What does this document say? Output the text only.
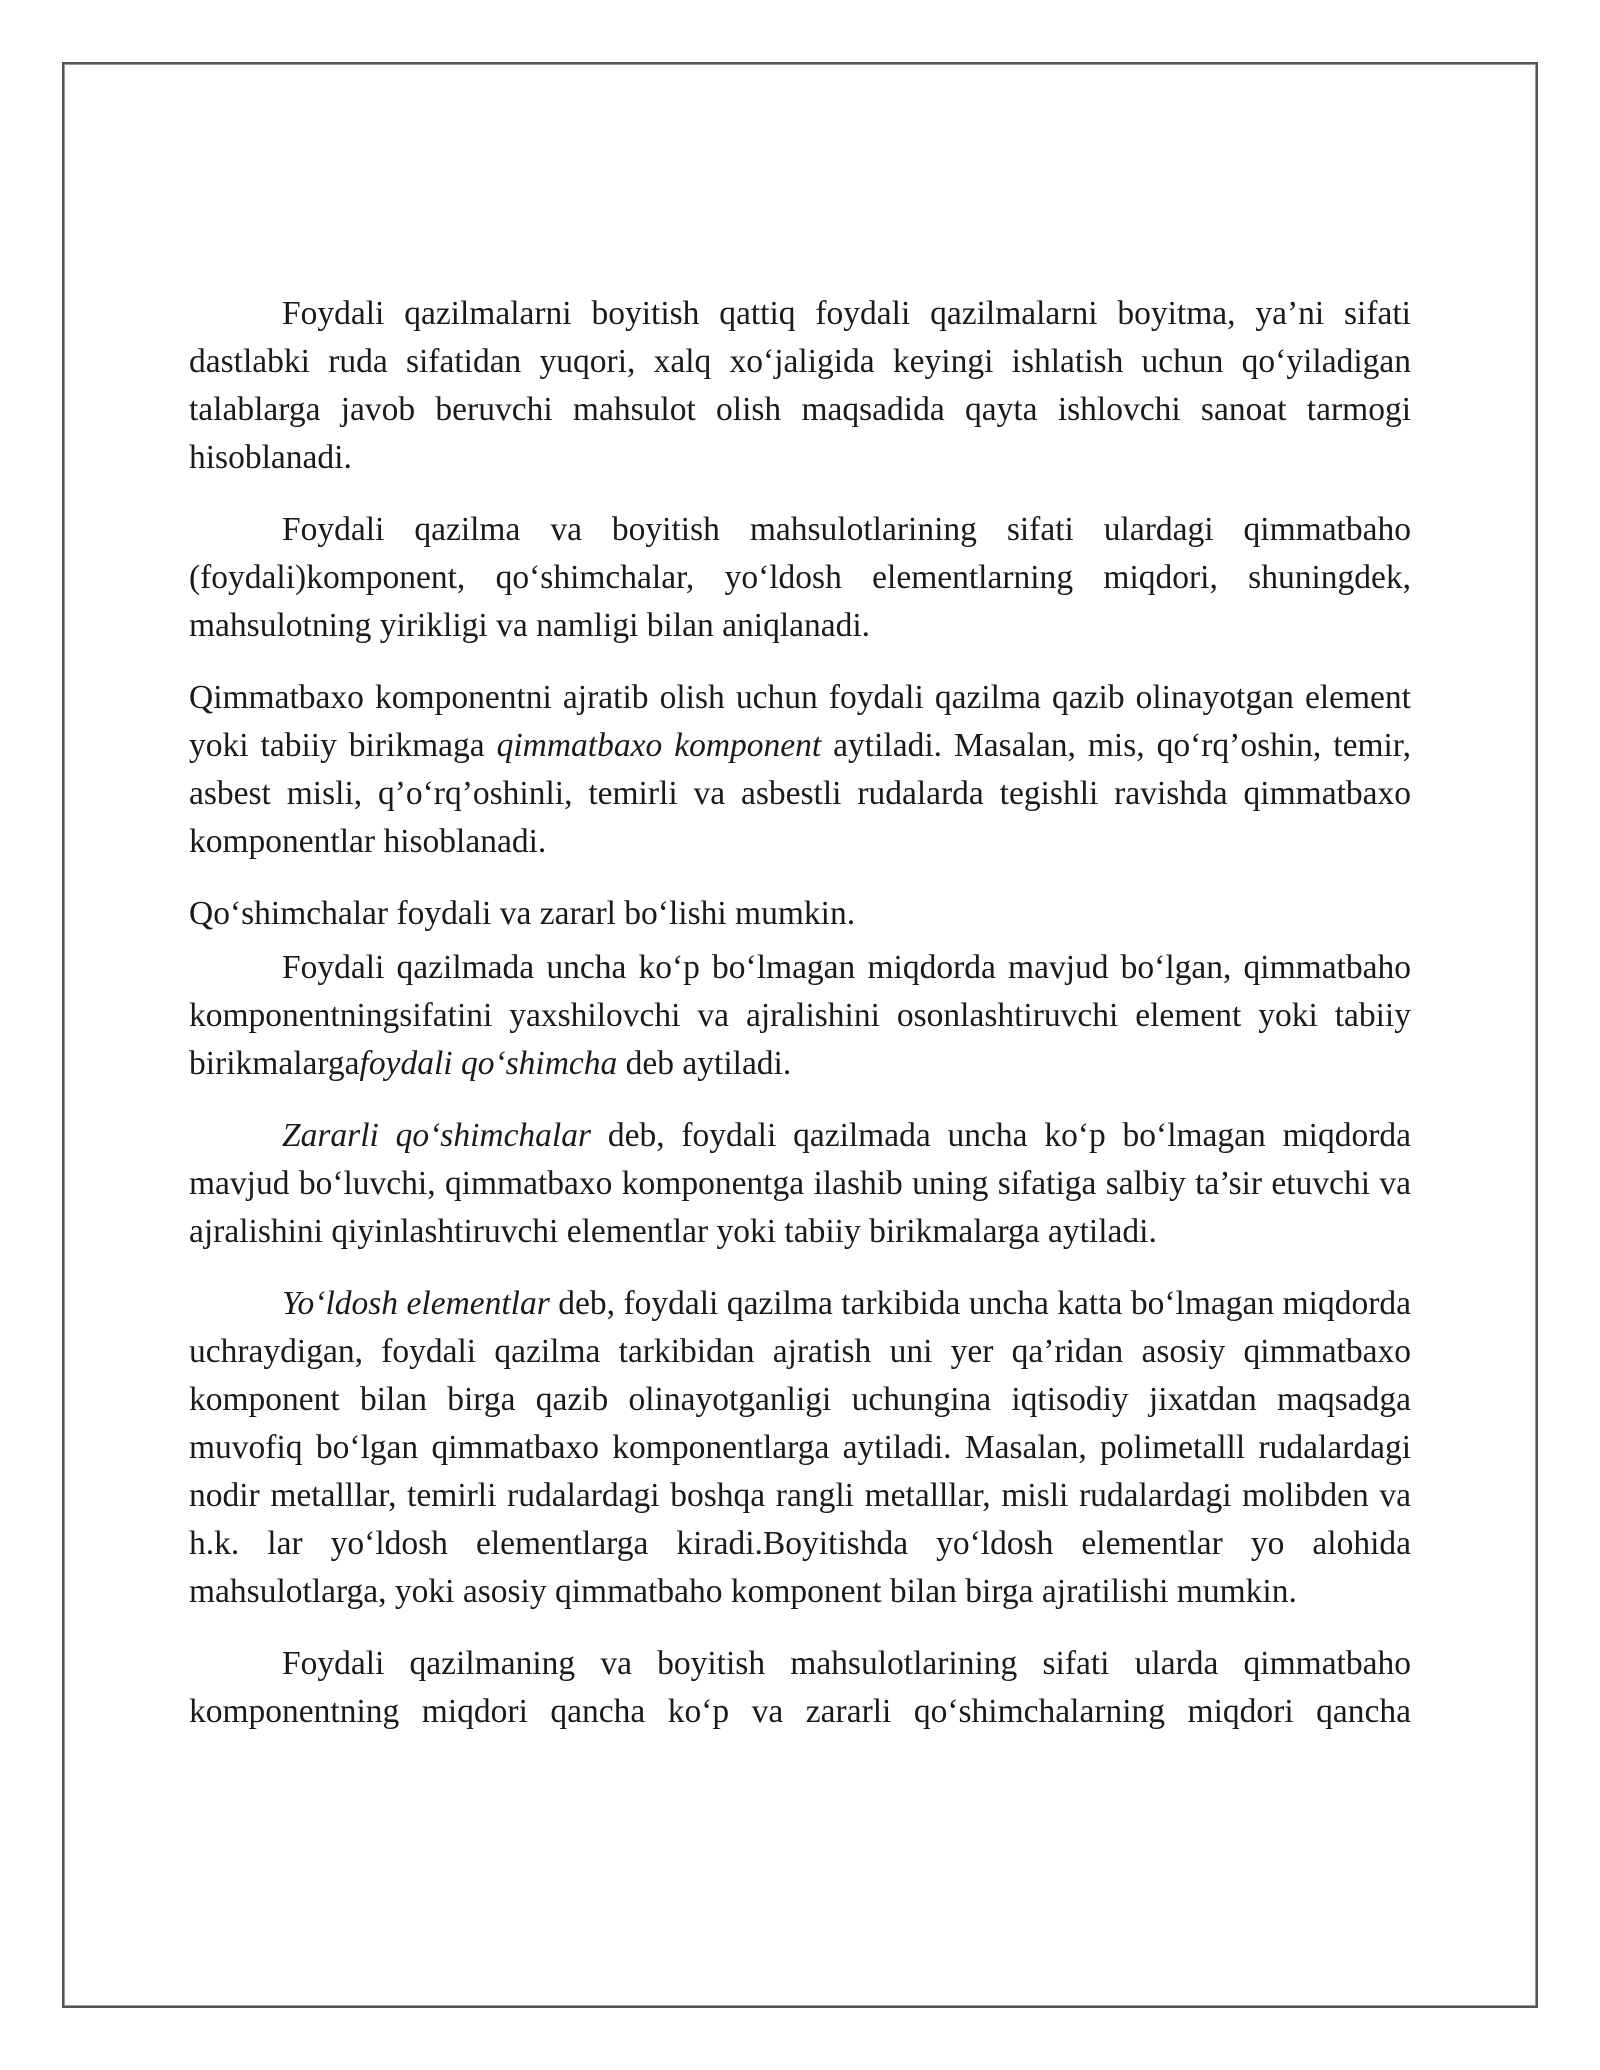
Foydali qazilmalarni boyitish qattiq foydali qazilmalarni boyitma, ya’ni sifati dastlabki ruda sifatidan yuqori, xalq xo‘jaligida keyingi ishlatish uchun qo‘yiladigan talablarga javob beruvchi mahsulot olish maqsadida qayta ishlovchi sanoat tarmogi hisoblanadi.

Foydali qazilma va boyitish mahsulotlarining sifati ulardagi qimmatbaho (foydali)komponent, qo‘shimchalar, yo‘ldosh elementlarning miqdori, shuningdek, mahsulotning yirikligi va namligi bilan aniqlanadi.

Qimmatbaxo komponentni ajratib olish uchun foydali qazilma qazib olinayotgan element yoki tabiiy birikmaga qimmatbaxo komponent aytiladi. Masalan, mis, qo‘rq’oshin, temir, asbest misli, q’o‘rq’oshinli, temirli va asbestli rudalarda tegishli ravishda qimmatbaxo komponentlar hisoblanadi.

Qo‘shimchalar foydali va zararl bo‘lishi mumkin.

Foydali qazilmada uncha ko‘p bo‘lmagan miqdorda mavjud bo‘lgan, qimmatbaho komponentningsifatini yaxshilovchi va ajralishini osonlashtiruvchi element yoki tabiiy birikmalargafoydali qo‘shimcha deb aytiladi.

Zararli qo‘shimchalar deb, foydali qazilmada uncha ko‘p bo‘lmagan miqdorda mavjud bo‘luvchi, qimmatbaxo komponentga ilashib uning sifatiga salbiy ta’sir etuvchi va ajralishini qiyinlashtiruvchi elementlar yoki tabiiy birikmalarga aytiladi.

Yo‘ldosh elementlar deb, foydali qazilma tarkibida uncha katta bo‘lmagan miqdorda uchraydigan, foydali qazilma tarkibidan ajratish uni yer qa’ridan asosiy qimmatbaxo komponent bilan birga qazib olinayotganligi uchungina iqtisodiy jixatdan maqsadga muvofiq bo‘lgan qimmatbaxo komponentlarga aytiladi. Masalan, polimetalll rudalardagi nodir metalllar, temirli rudalardagi boshqa rangli metalllar, misli rudalardagi molibden va h.k. lar yo‘ldosh elementlarga kiradi.Boyitishda yo‘ldosh elementlar yo alohida mahsulotlarga, yoki asosiy qimmatbaho komponent bilan birga ajratilishi mumkin.

Foydali qazilmaning va boyitish mahsulotlarining sifati ularda qimmatbaho komponentning miqdori qancha ko‘p va zararli qo‘shimchalarning miqdori qancha
